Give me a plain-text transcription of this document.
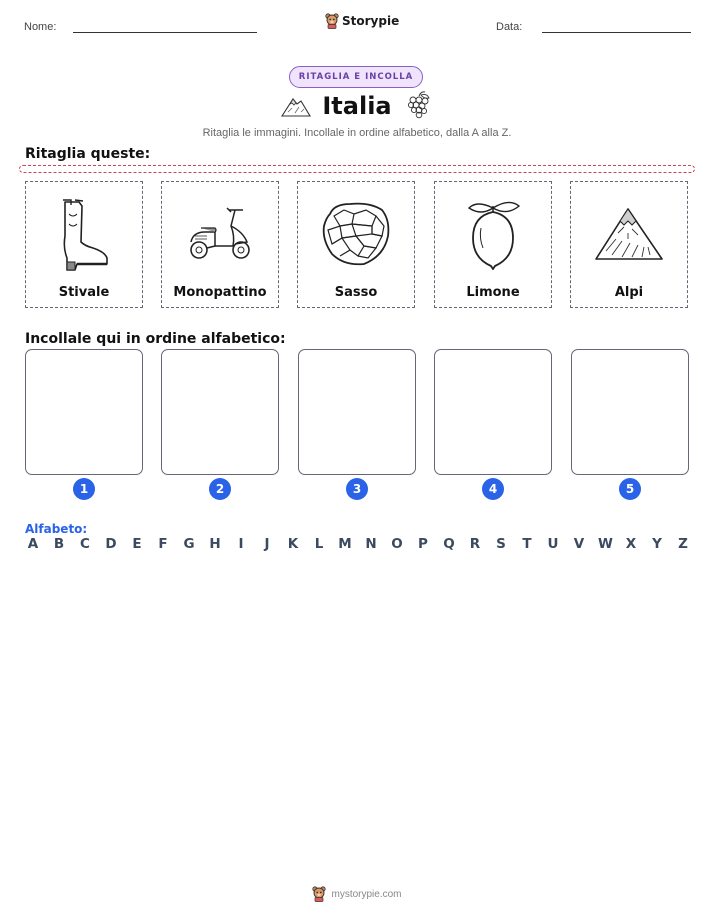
Nome:	Storypie	Data:
RITAGLIA E INCOLLA
Italia
Ritaglia le immagini. Incollale in ordine alfabetico, dalla A alla Z.
Ritaglia queste:
Stivale	Monopattino	Sasso	Limone	Alpi
Incollale qui in ordine alfabetico:
1	2	3	4	5
Alfabeto:
A B C D E F G H	I	J	K L M N O P Q R S T U V W X Y Z
mystorypie.com
